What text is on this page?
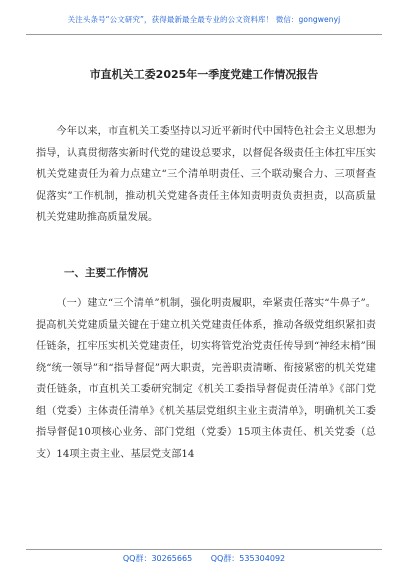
关注头条号“公文研究”，获得最新最全最专业的公文资料库！ 微信：gongwenyj
市直机关工委2025年一季度党建工作情况报告

今年以来，市直机关工委坚持以习近平新时代中国特色社会主义思想为指导，认真贯彻落实新时代党的建设总要求，以督促各级责任主体扛牢压实机关党建责任为着力点建立“三个清单明责任、三个联动聚合力、三项督查促落实”工作机制，推动机关党建各责任主体知责明责负责担责，以高质量机关党建助推高质量发展。

一、主要工作情况

（一）建立“三个清单”机制，强化明责履职，牵紧责任落实“牛鼻子”。提高机关党建质量关键在于建立机关党建责任体系，推动各级党组织紧扣责任链条，扛牢压实机关党建责任，切实将管党治党责任传导到“神经末梢”围绕“统一领导”和“指导督促”两大职责，完善职责清晰、衔接紧密的机关党建责任链条，市直机关工委研究制定《机关工委指导督促责任清单》《部门党组（党委）主体责任清单》《机关基层党组织主业主责清单》，明确机关工委指导督促10项核心业务、部门党组（党委）15项主体责任、机关党委（总支）14项主责主业、基层党支部14

QQ群：30265665 QQ群：535304092
